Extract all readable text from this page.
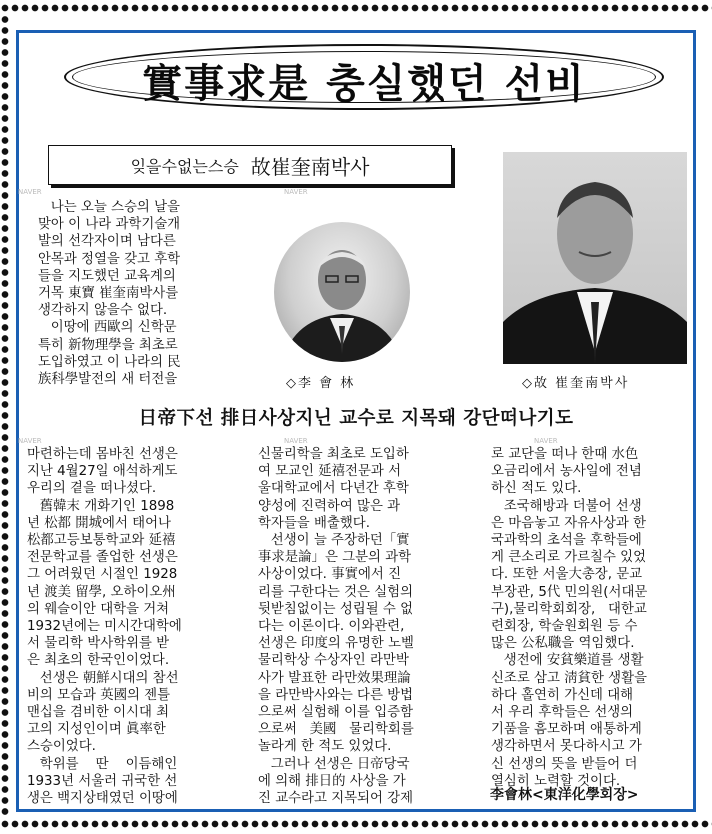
實事求是 충실했던 선비
잊을수없는스승 故崔奎南박사
NAVER	NAVER
NAVER	NAVER	NAVER
나는 오늘 스승의 날을
맞아 이 나라 과학기술개
발의 선각자이며 남다른
안목과 정열을 갖고 후학
들을 지도했던 교육계의
거목 東寶 崔奎南박사를
생각하지 않을수 없다.
이땅에 西歐의 신학문
특히 新物理學을 최초로
도입하였고 이 나라의 民
族科學발전의 새 터전을	◇李 會 林	◇故 崔奎南박사
日帝下선 排日사상지닌 교수로 지목돼 강단떠나기도
마련하는데 몸바친 선생은
지난 4월27일 애석하게도
우리의 곁을 떠나셨다.
舊韓末 개화기인 1898
년 松都 開城에서 태어나
松都고등보통학교와 延禧
전문학교를 졸업한 선생은
그 어려웠던 시절인 1928
년 渡美 留學, 오하이오州
의 웨슬이안 대학을 거쳐
1932년에는 미시간대학에
서 물리학 박사학위를 받
은 최초의 한국인이었다.
선생은 朝鮮시대의 참선
비의 모습과 英國의 젠틀
맨십을 겸비한 이시대 최
고의 지성인이며 眞率한
스승이었다.
학위를    딴    이듬해인
1933년 서울러 귀국한 선
생은 백지상태였던 이땅에
신물리학을 최초로 도입하
여 모교인 延禧전문과 서
울대학교에서 다년간 후학
양성에 진력하여 많은 과
학자들을 배출했다.
선생이 늘 주장하던「實
事求是論」은 그분의 과학
사상이었다. 事實에서 진
리를 구한다는 것은 실험의
뒷받침없이는 성립될 수 없
다는 이론이다. 이와관련,
선생은 印度의 유명한 노벨
물리학상 수상자인 라만박
사가 발표한 라만效果理論
을 라만박사와는 다른 방법
으로써 실험해 이를 입증함
으로써   美國   물리학회를
놀라게 한 적도 있었다.
그러나 선생은 日帝당국
에 의해 排日的 사상을 가
진 교수라고 지목되어 강제
로 교단을 떠나 한때 水色
오금리에서 농사일에 전념
하신 적도 있다.
조국해방과 더불어 선생
은 마음놓고 자유사상과 한
국과학의 초석을 후학들에
게 큰소리로 가르칠수 있었
다. 또한 서울大총장, 문교
부장관, 5代 민의원(서대문
구),물리학회회장,   대한교
련회장, 학술원회원 등 수
많은 公私職을 역임했다.
생전에 安貧樂道를 생활
신조로 삼고 淸貧한 생활을
하다 홀연히 가신데 대해
서 우리 후학들은 선생의
기품을 흠모하며 애통하게
생각하면서 못다하시고 가
신 선생의 뜻을 받들어 더
열심히 노력할 것이다.
李會林<東洋化學회장>
